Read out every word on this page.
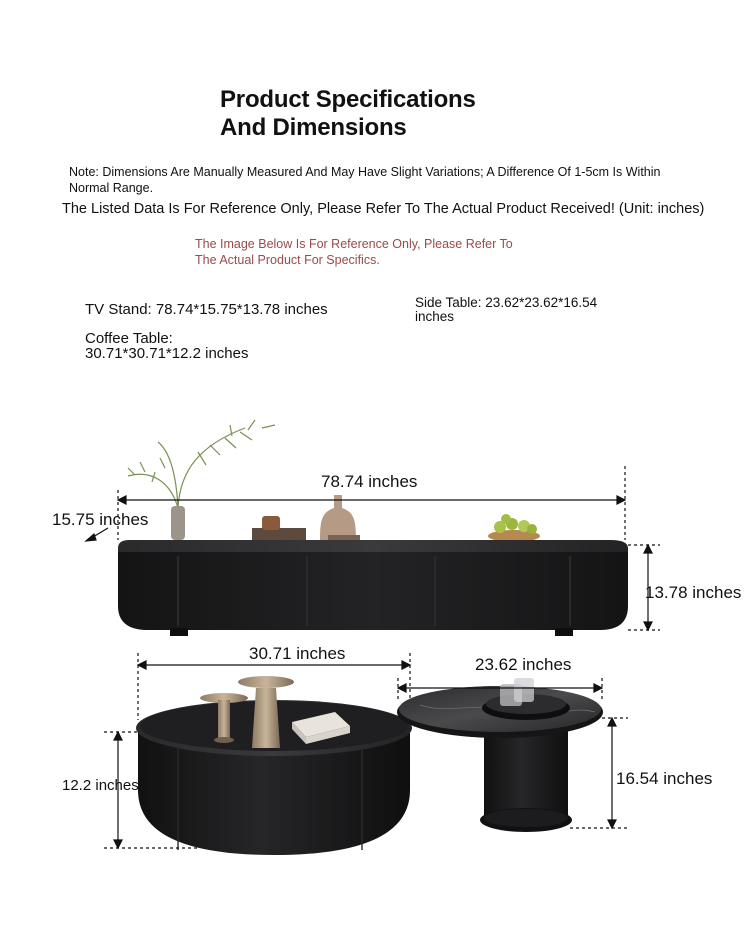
Product Specifications
And Dimensions
Note: Dimensions Are Manually Measured And May Have Slight Variations; A Difference Of 1-5cm Is Within Normal Range.
The Listed Data Is For Reference Only, Please Refer To The Actual Product Received! (Unit: inches)
The Image Below Is For Reference Only, Please Refer To
The Actual Product For Specifics.
TV Stand: 78.74*15.75*13.78 inches	Side Table: 23.62*23.62*16.54
inches
Coffee Table:
30.71*30.71*12.2 inches
78.74 inches
15.75 inches
13.78 inches
30.71 inches
12.2 inches
23.62 inches
16.54 inches
